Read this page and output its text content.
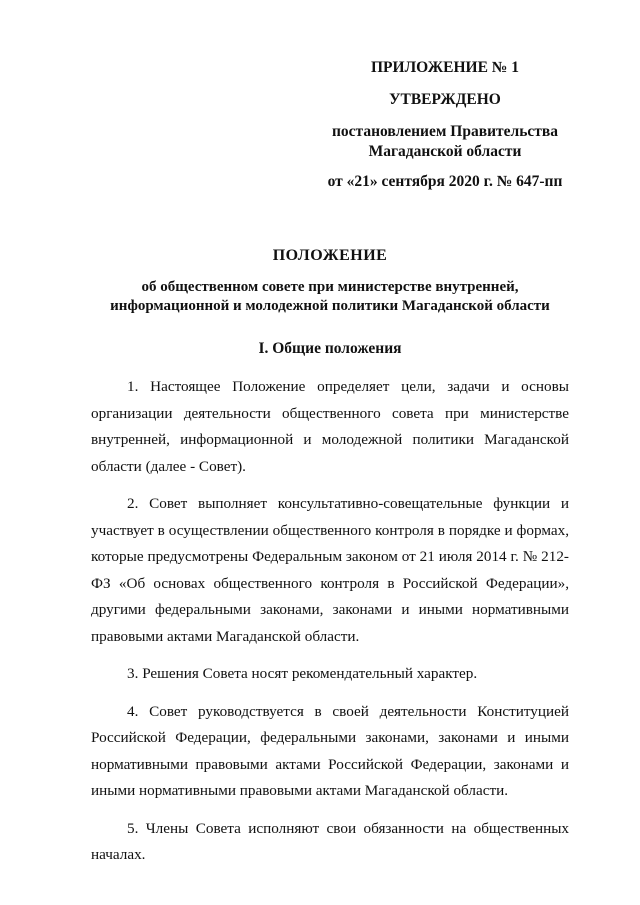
ПРИЛОЖЕНИЕ № 1
УТВЕРЖДЕНО
постановлением Правительства
Магаданской области
от «21» сентября 2020 г. № 647-пп
ПОЛОЖЕНИЕ
об общественном совете при министерстве внутренней,
информационной и молодежной политики Магаданской области
I. Общие положения

1. Настоящее Положение определяет цели, задачи и основы организации деятельности общественного совета при министерстве внутренней, информационной и молодежной политики Магаданской области (далее - Совет).

2. Совет выполняет консультативно-совещательные функции и участвует в осуществлении общественного контроля в порядке и формах, которые предусмотрены Федеральным законом от 21 июля 2014 г. № 212-ФЗ «Об основах общественного контроля в Российской Федерации», другими федеральными законами, законами и иными нормативными правовыми актами Магаданской области.

3. Решения Совета носят рекомендательный характер.

4. Совет руководствуется в своей деятельности Конституцией Российской Федерации, федеральными законами, законами и иными нормативными правовыми актами Российской Федерации, законами и иными нормативными правовыми актами Магаданской области.

5. Члены Совета исполняют свои обязанности на общественных началах.
